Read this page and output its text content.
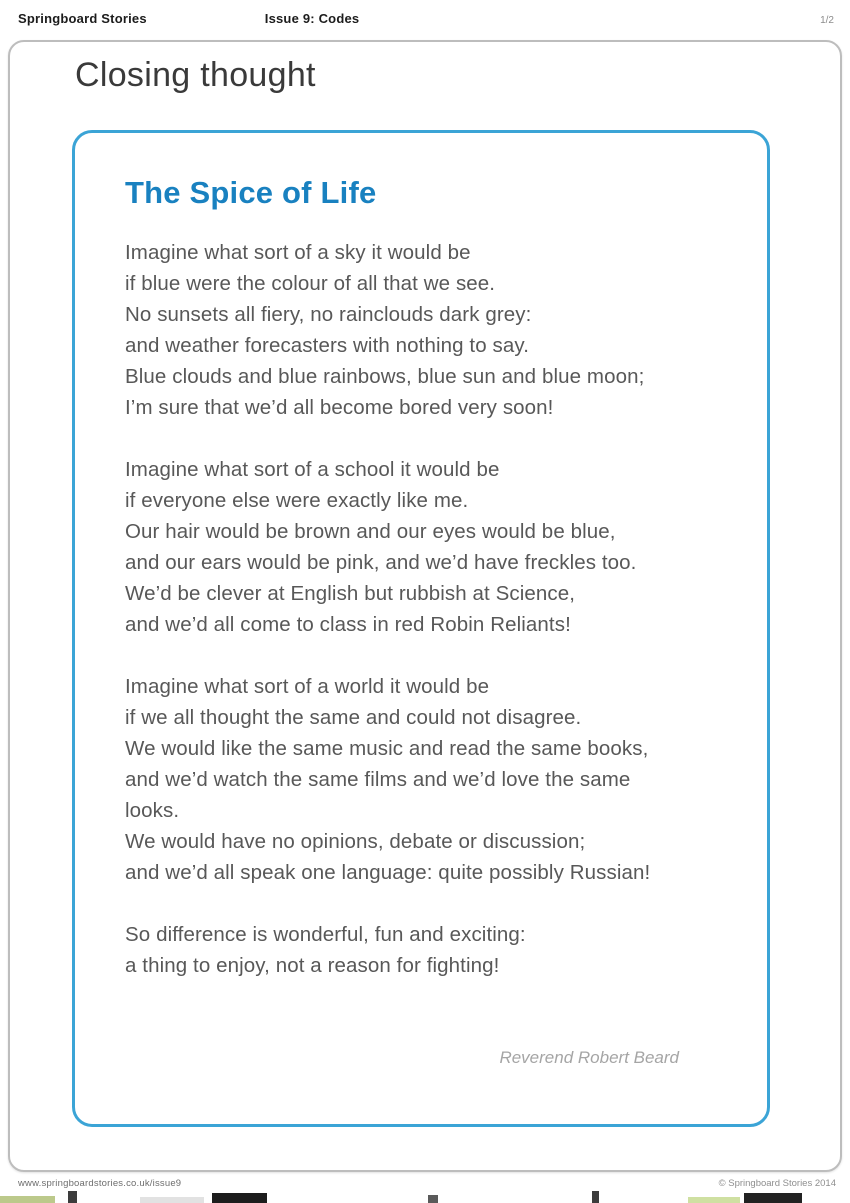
Springboard Stories	Issue 9: Codes	1/2
Closing thought
The Spice of Life
Imagine what sort of a sky it would be
if blue were the colour of all that we see.
No sunsets all fiery, no rainclouds dark grey:
and weather forecasters with nothing to say.
Blue clouds and blue rainbows, blue sun and blue moon;
I’m sure that we’d all become bored very soon!
Imagine what sort of a school it would be
if everyone else were exactly like me.
Our hair would be brown and our eyes would be blue,
and our ears would be pink, and we’d have freckles too.
We’d be clever at English but rubbish at Science,
and we’d all come to class in red Robin Reliants!
Imagine what sort of a world it would be
if we all thought the same and could not disagree.
We would like the same music and read the same books,
and we’d watch the same films and we’d love the same
looks.
We would have no opinions, debate or discussion;
and we’d all speak one language: quite possibly Russian!
So difference is wonderful, fun and exciting:
a thing to enjoy, not a reason for fighting!
Reverend Robert Beard
www.springboardstories.co.uk/issue9	© Springboard Stories 2014
